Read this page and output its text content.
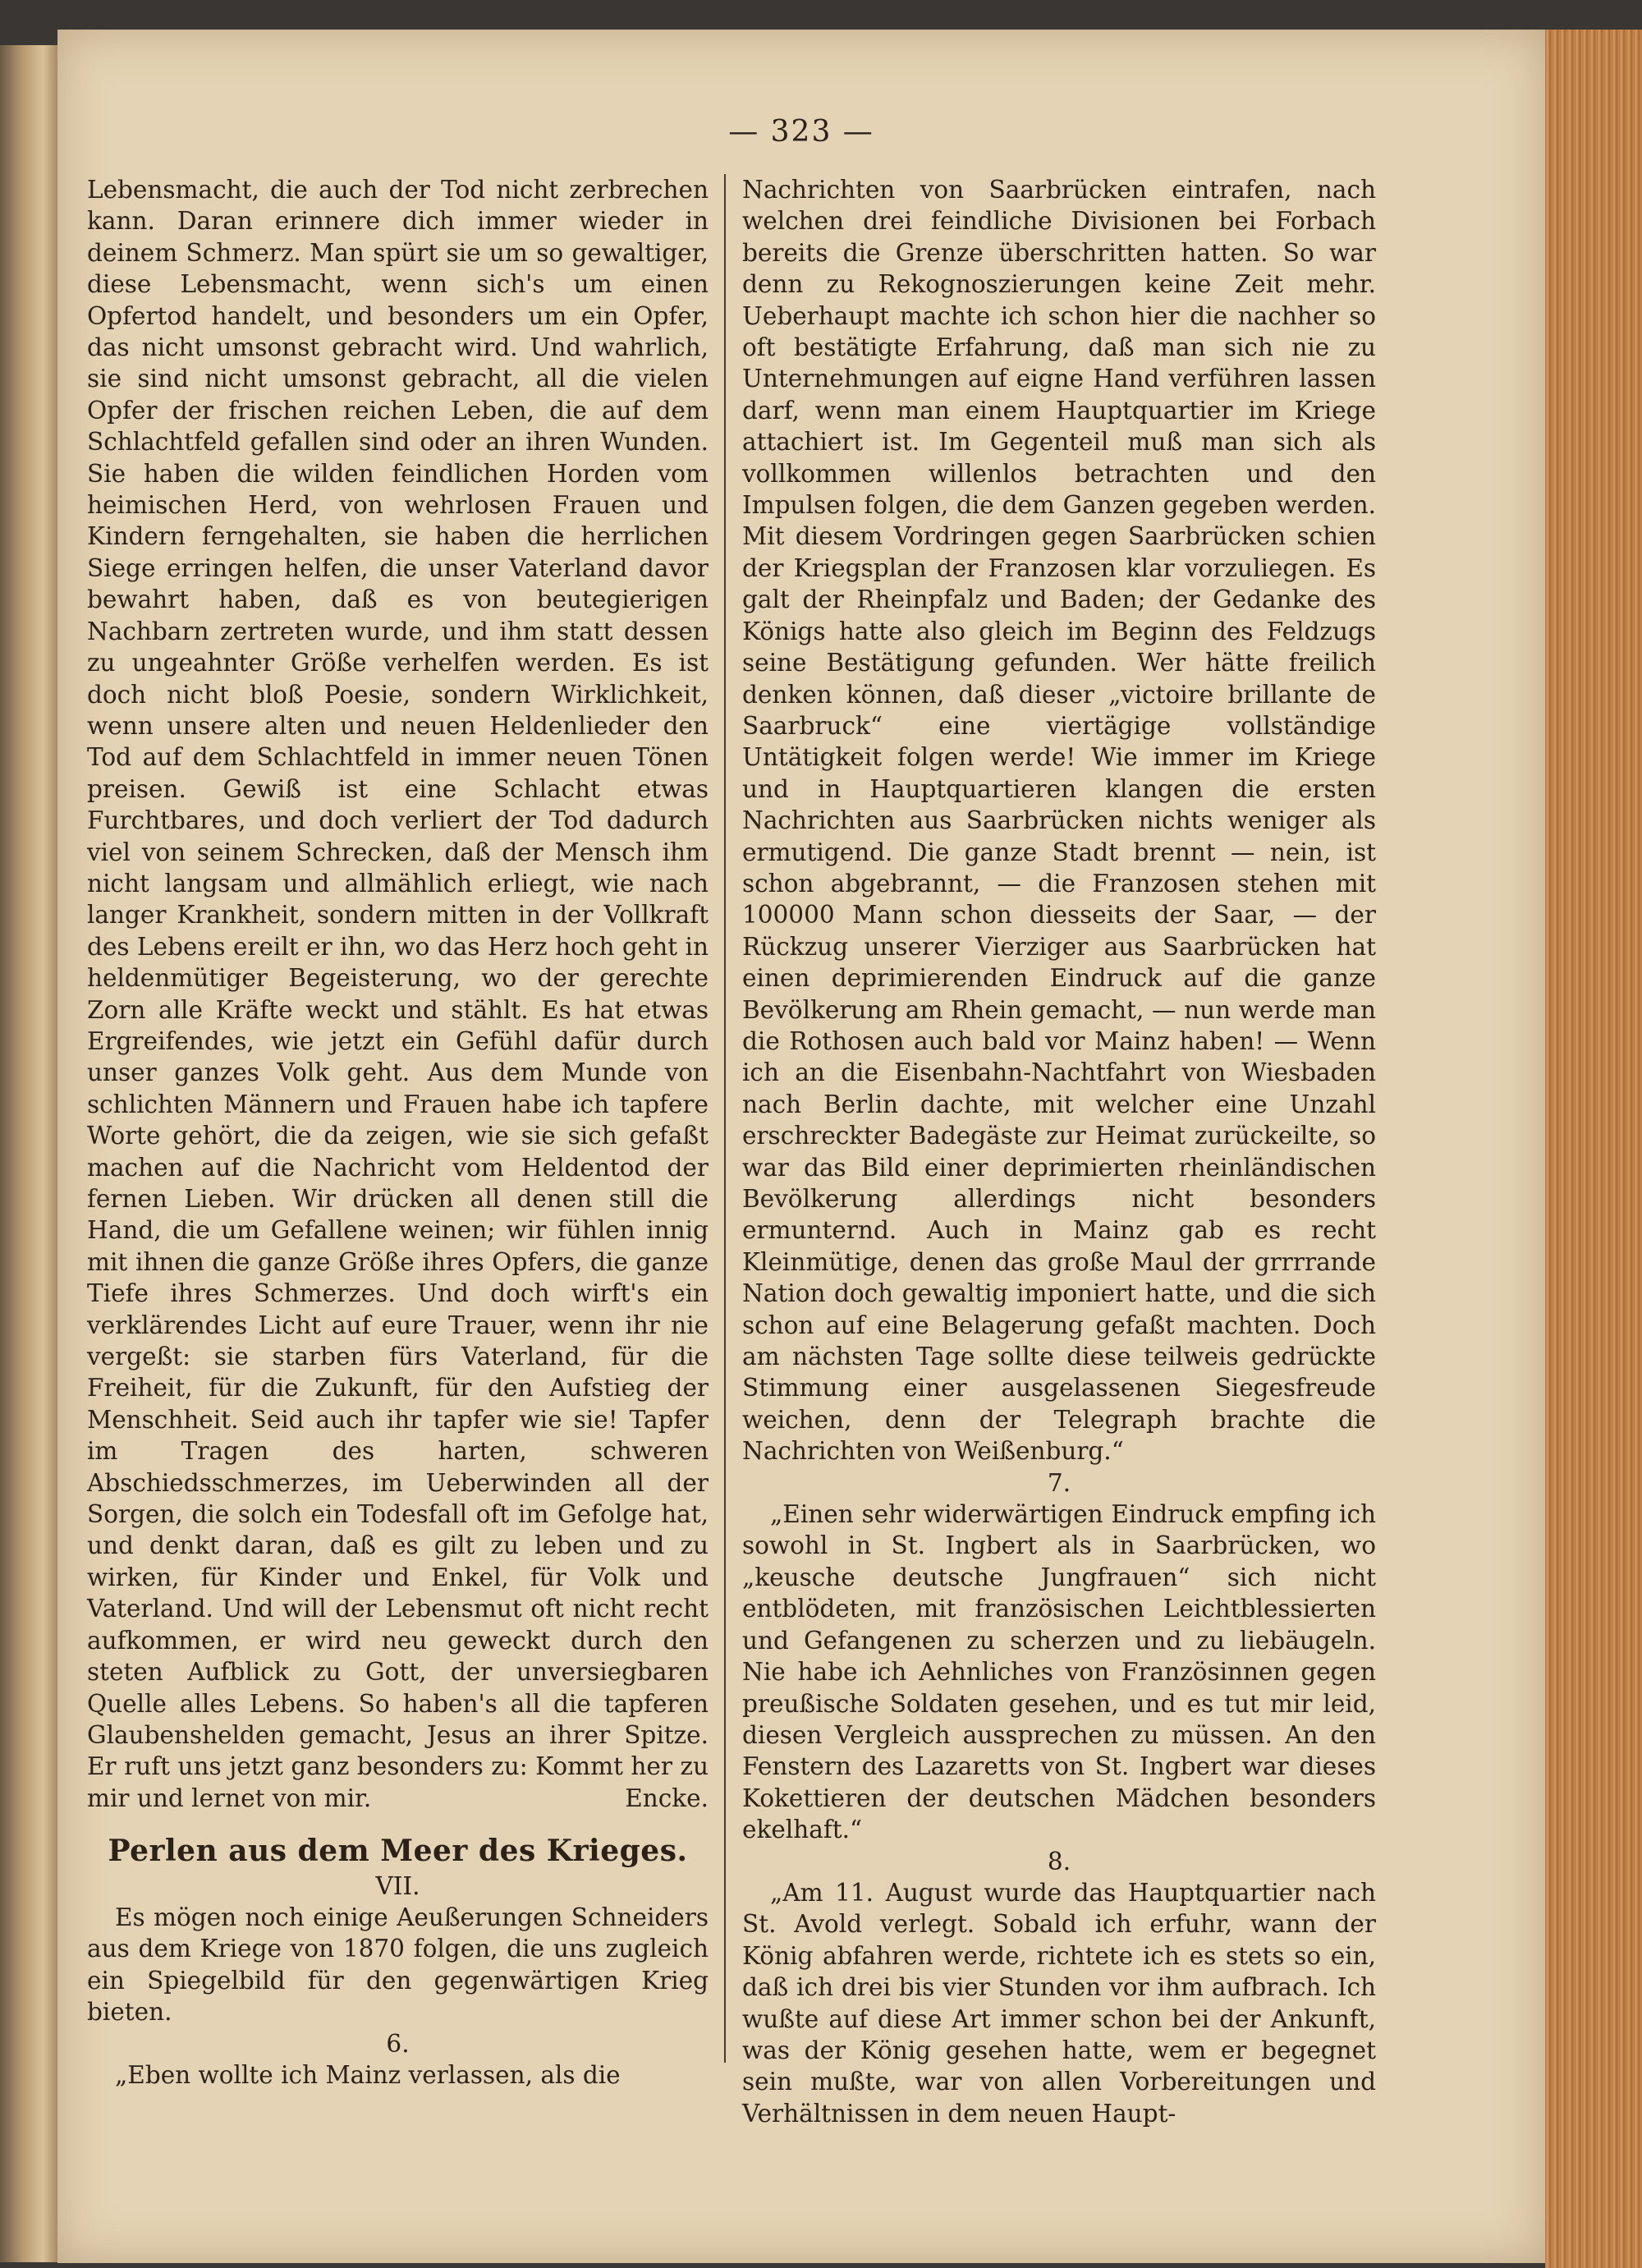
— 323 —

Lebensmacht, die auch der Tod nicht zerbrechen kann. Daran erinnere dich immer wieder in deinem Schmerz. Man spürt sie um so gewaltiger, diese Lebensmacht, wenn sich's um einen Opfertod handelt, und besonders um ein Opfer, das nicht umsonst gebracht wird. Und wahrlich, sie sind nicht umsonst gebracht, all die vielen Opfer der frischen reichen Leben, die auf dem Schlachtfeld gefallen sind oder an ihren Wunden. Sie haben die wilden feindlichen Horden vom heimischen Herd, von wehrlosen Frauen und Kindern ferngehalten, sie haben die herrlichen Siege erringen helfen, die unser Vaterland davor bewahrt haben, daß es von beutegierigen Nachbarn zertreten wurde, und ihm statt dessen zu ungeahnter Größe verhelfen werden. Es ist doch nicht bloß Poesie, sondern Wirklichkeit, wenn unsere alten und neuen Heldenlieder den Tod auf dem Schlachtfeld in immer neuen Tönen preisen. Gewiß ist eine Schlacht etwas Furchtbares, und doch verliert der Tod dadurch viel von seinem Schrecken, daß der Mensch ihm nicht langsam und allmählich erliegt, wie nach langer Krankheit, sondern mitten in der Vollkraft des Lebens ereilt er ihn, wo das Herz hoch geht in heldenmütiger Begeisterung, wo der gerechte Zorn alle Kräfte weckt und stählt. Es hat etwas Ergreifendes, wie jetzt ein Gefühl dafür durch unser ganzes Volk geht. Aus dem Munde von schlichten Männern und Frauen habe ich tapfere Worte gehört, die da zeigen, wie sie sich gefaßt machen auf die Nachricht vom Heldentod der fernen Lieben. Wir drücken all denen still die Hand, die um Gefallene weinen; wir fühlen innig mit ihnen die ganze Größe ihres Opfers, die ganze Tiefe ihres Schmerzes. Und doch wirft's ein verklärendes Licht auf eure Trauer, wenn ihr nie vergeßt: sie starben fürs Vaterland, für die Freiheit, für die Zukunft, für den Aufstieg der Menschheit. Seid auch ihr tapfer wie sie! Tapfer im Tragen des harten, schweren Abschiedsschmerzes, im Ueberwinden all der Sorgen, die solch ein Todesfall oft im Gefolge hat, und denkt daran, daß es gilt zu leben und zu wirken, für Kinder und Enkel, für Volk und Vaterland. Und will der Lebensmut oft nicht recht aufkommen, er wird neu geweckt durch den steten Aufblick zu Gott, der unversiegbaren Quelle alles Lebens. So haben's all die tapferen Glaubenshelden gemacht, Jesus an ihrer Spitze. Er ruft uns jetzt ganz besonders zu: Kommt her zu mir und lernet von mir.	Encke.

Perlen aus dem Meer des Krieges.

VII.

Es mögen noch einige Aeußerungen Schneiders aus dem Kriege von 1870 folgen, die uns zugleich ein Spiegelbild für den gegenwärtigen Krieg bieten.

6.

„Eben wollte ich Mainz verlassen, als die

Nachrichten von Saarbrücken eintrafen, nach welchen drei feindliche Divisionen bei Forbach bereits die Grenze überschritten hatten. So war denn zu Rekognoszierungen keine Zeit mehr. Ueberhaupt machte ich schon hier die nachher so oft bestätigte Erfahrung, daß man sich nie zu Unternehmungen auf eigne Hand verführen lassen darf, wenn man einem Hauptquartier im Kriege attachiert ist. Im Gegenteil muß man sich als vollkommen willenlos betrachten und den Impulsen folgen, die dem Ganzen gegeben werden. Mit diesem Vordringen gegen Saarbrücken schien der Kriegsplan der Franzosen klar vorzuliegen. Es galt der Rheinpfalz und Baden; der Gedanke des Königs hatte also gleich im Beginn des Feldzugs seine Bestätigung gefunden. Wer hätte freilich denken können, daß dieser „victoire brillante de Saarbruck“ eine viertägige vollständige Untätigkeit folgen werde! Wie immer im Kriege und in Hauptquartieren klangen die ersten Nachrichten aus Saarbrücken nichts weniger als ermutigend. Die ganze Stadt brennt — nein, ist schon abgebrannt, — die Franzosen stehen mit 100000 Mann schon diesseits der Saar, — der Rückzug unserer Vierziger aus Saarbrücken hat einen deprimierenden Eindruck auf die ganze Bevölkerung am Rhein gemacht, — nun werde man die Rothosen auch bald vor Mainz haben! — Wenn ich an die Eisenbahn-Nachtfahrt von Wiesbaden nach Berlin dachte, mit welcher eine Unzahl erschreckter Badegäste zur Heimat zurückeilte, so war das Bild einer deprimierten rheinländischen Bevölkerung allerdings nicht besonders ermunternd. Auch in Mainz gab es recht Kleinmütige, denen das große Maul der grrrrande Nation doch gewaltig imponiert hatte, und die sich schon auf eine Belagerung gefaßt machten. Doch am nächsten Tage sollte diese teilweis gedrückte Stimmung einer ausgelassenen Siegesfreude weichen, denn der Telegraph brachte die Nachrichten von Weißenburg.“

7.

„Einen sehr widerwärtigen Eindruck empfing ich sowohl in St. Ingbert als in Saarbrücken, wo „keusche deutsche Jungfrauen“ sich nicht entblödeten, mit französischen Leichtblessierten und Gefangenen zu scherzen und zu liebäugeln. Nie habe ich Aehnliches von Französinnen gegen preußische Soldaten gesehen, und es tut mir leid, diesen Vergleich aussprechen zu müssen. An den Fenstern des Lazaretts von St. Ingbert war dieses Kokettieren der deutschen Mädchen besonders ekelhaft.“

8.

„Am 11. August wurde das Hauptquartier nach St. Avold verlegt. Sobald ich erfuhr, wann der König abfahren werde, richtete ich es stets so ein, daß ich drei bis vier Stunden vor ihm aufbrach. Ich wußte auf diese Art immer schon bei der Ankunft, was der König gesehen hatte, wem er begegnet sein mußte, war von allen Vorbereitungen und Verhältnissen in dem neuen Haupt-
